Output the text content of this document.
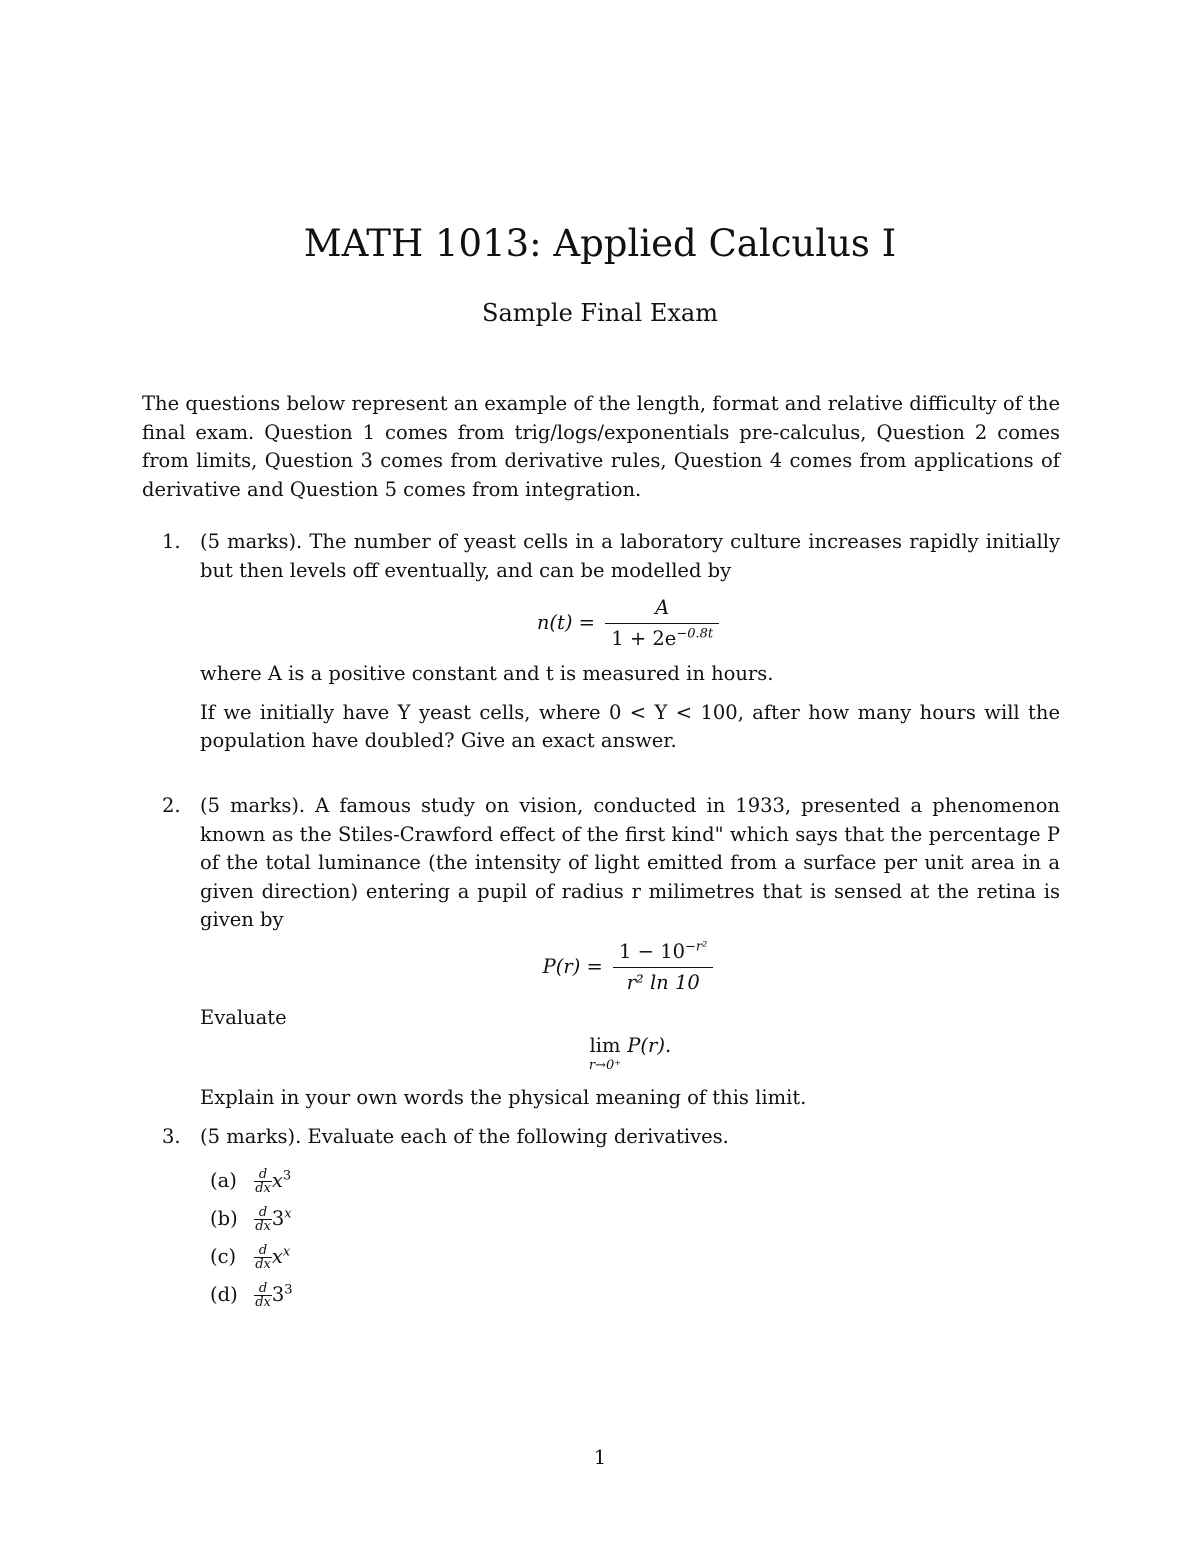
MATH 1013: Applied Calculus I
Sample Final Exam

The questions below represent an example of the length, format and relative difficulty of the final exam. Question 1 comes from trig/logs/exponentials pre-calculus, Question 2 comes from limits, Question 3 comes from derivative rules, Question 4 comes from applications of derivative and Question 5 comes from integration.

1. (5 marks). The number of yeast cells in a laboratory culture increases rapidly initially but then levels off eventually, and can be modelled by

$n(t) = \frac{A}{1 + 2e^{-0.8t}}$

where A is a positive constant and t is measured in hours.

If we initially have Y yeast cells, where 0 < Y < 100, after how many hours will the population have doubled? Give an exact answer.

2. (5 marks). A famous study on vision, conducted in 1933, presented a phenomenon known as the Stiles-Crawford effect of the first kind" which says that the percentage P of the total luminance (the intensity of light emitted from a surface per unit area in a given direction) entering a pupil of radius r milimetres that is sensed at the retina is given by

$P(r) = \frac{1 - 10^{-r^2}}{\text{r² ln 10}}$

Evaluate

lim
r→0⁺
P(r).

Explain in your own words the physical meaning of this limit.

3. (5 marks). Evaluate each of the following derivatives.

$(a) \frac{d}{dx} x^3$
$(b) \frac{d}{dx} 3^x$
$(c) \frac{d}{dx} x^x$
$(d) \frac{d}{dx} 3^3$
1
